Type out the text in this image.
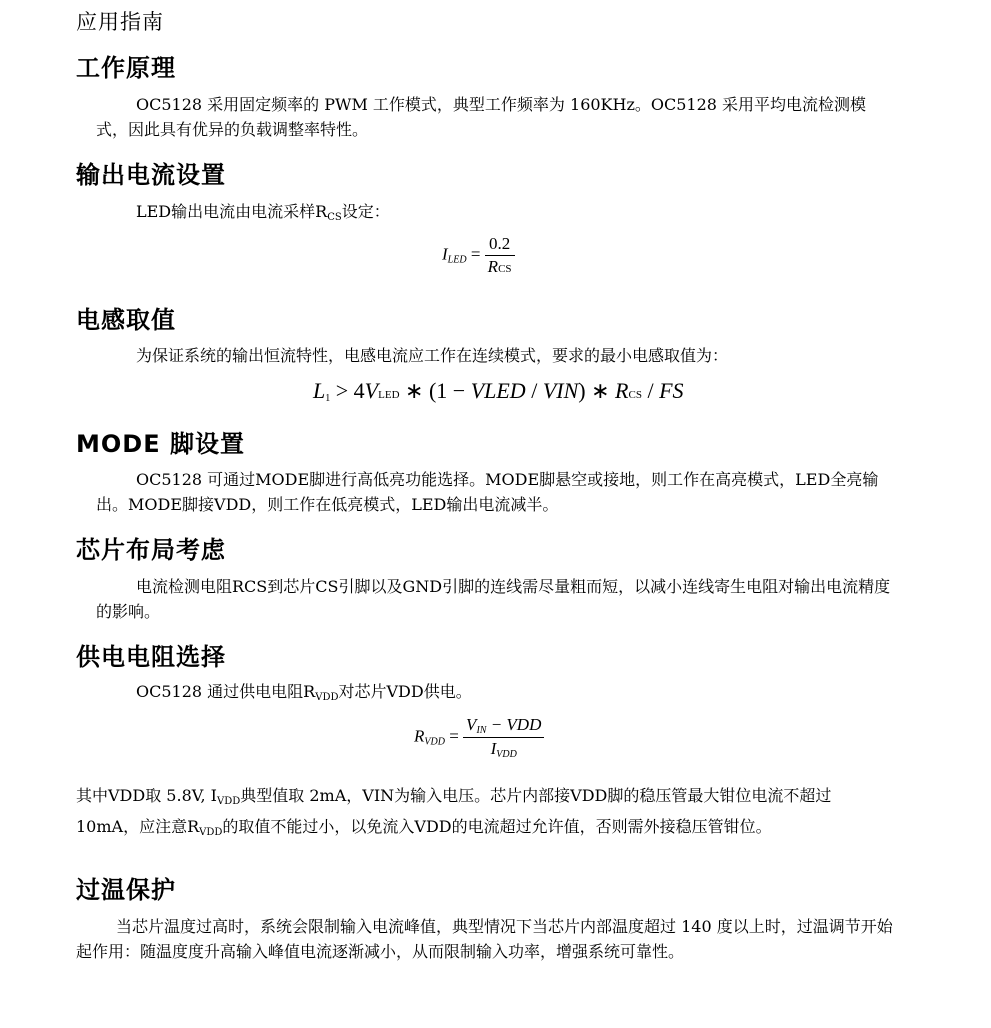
应用指南
工作原理

OC5128 采用固定频率的 PWM 工作模式，典型工作频率为 160KHz。OC5128 采用平均电流检测模式，因此具有优异的负载调整率特性。

输出电流设置
LED输出电流由电流采样$R_{CS}$设定：
$I_{LED} = \frac{0.2}{\text{RCS}}$
电感取值
为保证系统的输出恒流特性，电感电流应工作在连续模式，要求的最小电感取值为：
$L_1$ > 4VLED ∗ (1 − VLED / VIN) ∗ RCS / FS
MODE 脚设置

OC5128 可通过MODE脚进行高低亮功能选择。MODE脚悬空或接地，则工作在高亮模式，LED全亮输出。MODE脚接VDD，则工作在低亮模式，LED输出电流减半。

芯片布局考虑

电流检测电阻RCS到芯片CS引脚以及GND引脚的连线需尽量粗而短，以减小连线寄生电阻对输出电流精度的影响。

供电电阻选择
OC5128 通过供电电阻$R_{VDD}$对芯片VDD供电。
$R_{VDD} = \frac{V_{IN} - VDD}{I_{VDD}}$

其中VDD取 5.8V, $I_{VDD}$典型值取 2mA，VIN为输入电压。芯片内部接VDD脚的稳压管最大钳位电流不超过 10mA，应注意$R_{VDD}$的取值不能过小，以免流入VDD的电流超过允许值，否则需外接稳压管钳位。

过温保护

当芯片温度过高时，系统会限制输入电流峰值，典型情况下当芯片内部温度超过 140 度以上时，过温调节开始起作用：随温度度升高输入峰值电流逐渐减小，从而限制输入功率，增强系统可靠性。
